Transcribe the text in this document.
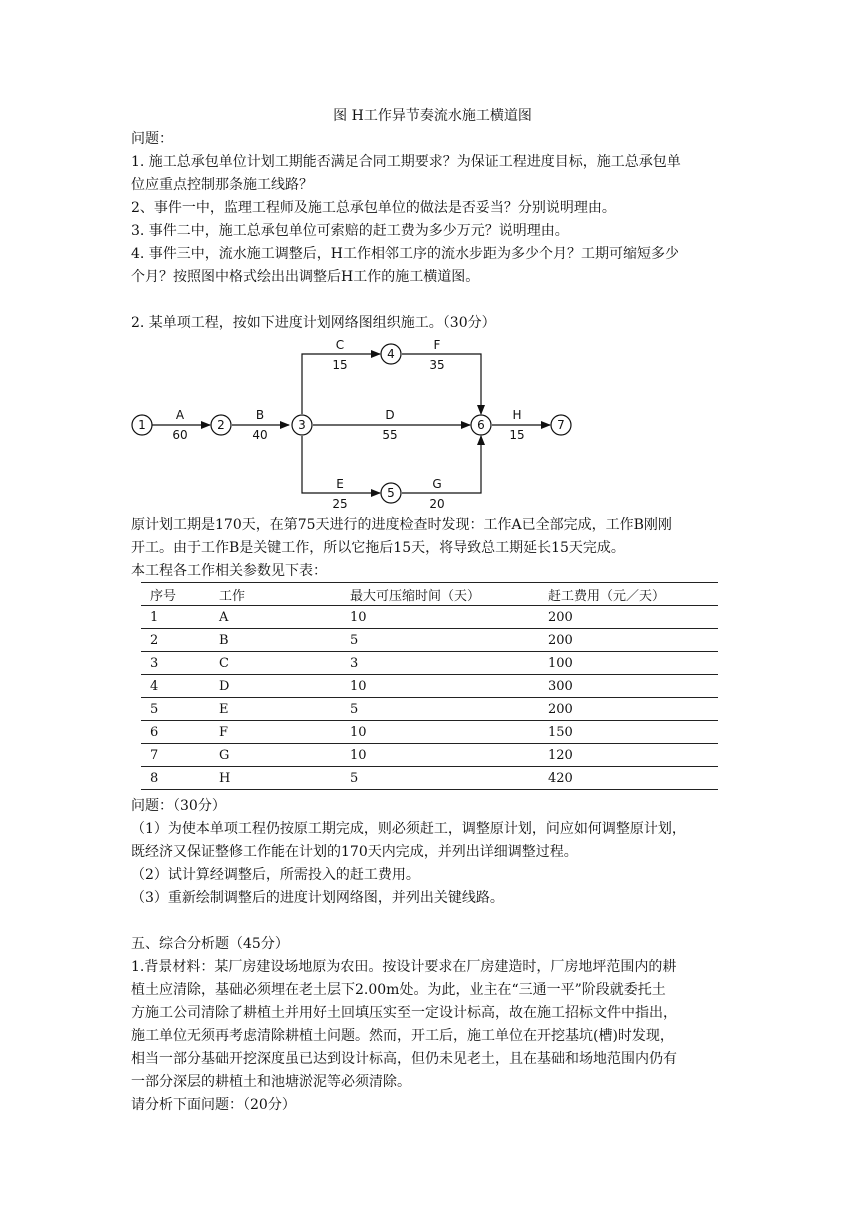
图 H工作异节奏流水施工横道图
问题：
1. 施工总承包单位计划工期能否满足合同工期要求？为保证工程进度目标，施工总承包单
位应重点控制那条施工线路？
2、事件一中，监理工程师及施工总承包单位的做法是否妥当？分别说明理由。
3. 事件二中，施工总承包单位可索赔的赶工费为多少万元？说明理由。
4. 事件三中，流水施工调整后，H工作相邻工序的流水步距为多少个月？工期可缩短多少
个月？按照图中格式绘出出调整后H工作的施工横道图。
2. 某单项工程，按如下进度计划网络图组织施工。（30分）
1	2	3
4
5
6	7
A
60
B
40
C
15
F
35
D
55
E
25
G
20
H
15
原计划工期是170天，在第75天进行的进度检查时发现：工作A已全部完成，工作B刚刚
开工。由于工作B是关键工作，所以它拖后15天，将导致总工期延长15天完成。
本工程各工作相关参数见下表：
序号	工作	最大可压缩时间（天）	赶工费用（元／天）
1	A	10	200
2	B	5	200
3	C	3	100
4	D	10	300
5	E	5	200
6	F	10	150
7	G	10	120
8	H	5	420
问题：（30分）
（1）为使本单项工程仍按原工期完成，则必须赶工，调整原计划，问应如何调整原计划，
既经济又保证整修工作能在计划的170天内完成，并列出详细调整过程。
（2）试计算经调整后，所需投入的赶工费用。
（3）重新绘制调整后的进度计划网络图，并列出关键线路。
五、综合分析题（45分）
1.背景材料：某厂房建设场地原为农田。按设计要求在厂房建造时，厂房地坪范围内的耕
植土应清除，基础必须埋在老土层下2.00m处。为此，业主在“三通一平”阶段就委托土
方施工公司清除了耕植土并用好土回填压实至一定设计标高，故在施工招标文件中指出，
施工单位无须再考虑清除耕植土问题。然而，开工后，施工单位在开挖基坑(槽)时发现，
相当一部分基础开挖深度虽已达到设计标高，但仍未见老土，且在基础和场地范围内仍有
一部分深层的耕植土和池塘淤泥等必须清除。
请分析下面问题：（20分）
